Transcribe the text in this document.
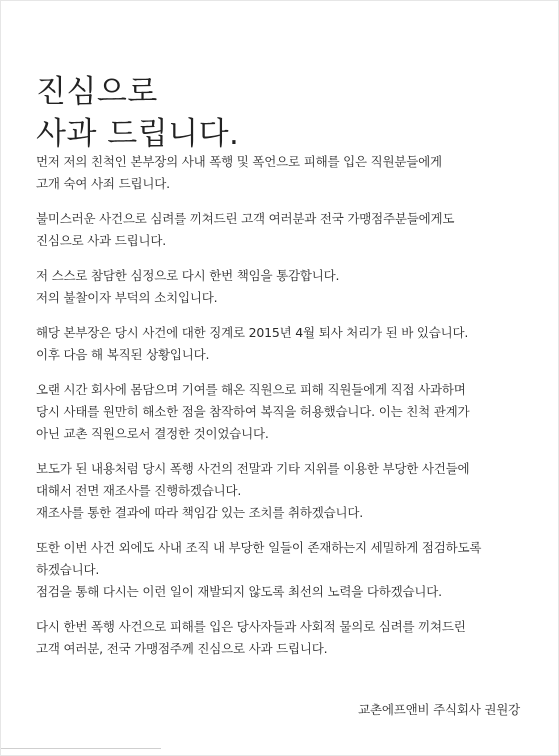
진심으로
사과 드립니다.

먼저 저의 친척인 본부장의 사내 폭행 및 폭언으로 피해를 입은 직원분들에게
고개 숙여 사죄 드립니다.

불미스러운 사건으로 심려를 끼쳐드린 고객 여러분과 전국 가맹점주분들에게도
진심으로 사과 드립니다.

저 스스로 참담한 심정으로 다시 한번 책임을 통감합니다.
저의 불찰이자 부덕의 소치입니다.

해당 본부장은 당시 사건에 대한 징계로 2015년 4월 퇴사 처리가 된 바 있습니다.
이후 다음 해 복직된 상황입니다.

오랜 시간 회사에 몸담으며 기여를 해온 직원으로 피해 직원들에게 직접 사과하며
당시 사태를 원만히 해소한 점을 참작하여 복직을 허용했습니다. 이는 친척 관계가
아닌 교촌 직원으로서 결정한 것이었습니다.

보도가 된 내용처럼 당시 폭행 사건의 전말과 기타 지위를 이용한 부당한 사건들에
대해서 전면 재조사를 진행하겠습니다.
재조사를 통한 결과에 따라 책임감 있는 조치를 취하겠습니다.

또한 이번 사건 외에도 사내 조직 내 부당한 일들이 존재하는지 세밀하게 점검하도록
하겠습니다.
점검을 통해 다시는 이런 일이 재발되지 않도록 최선의 노력을 다하겠습니다.

다시 한번 폭행 사건으로 피해를 입은 당사자들과 사회적 물의로 심려를 끼쳐드린
고객 여러분, 전국 가맹점주께 진심으로 사과 드립니다.

교촌에프앤비 주식회사 권원강
